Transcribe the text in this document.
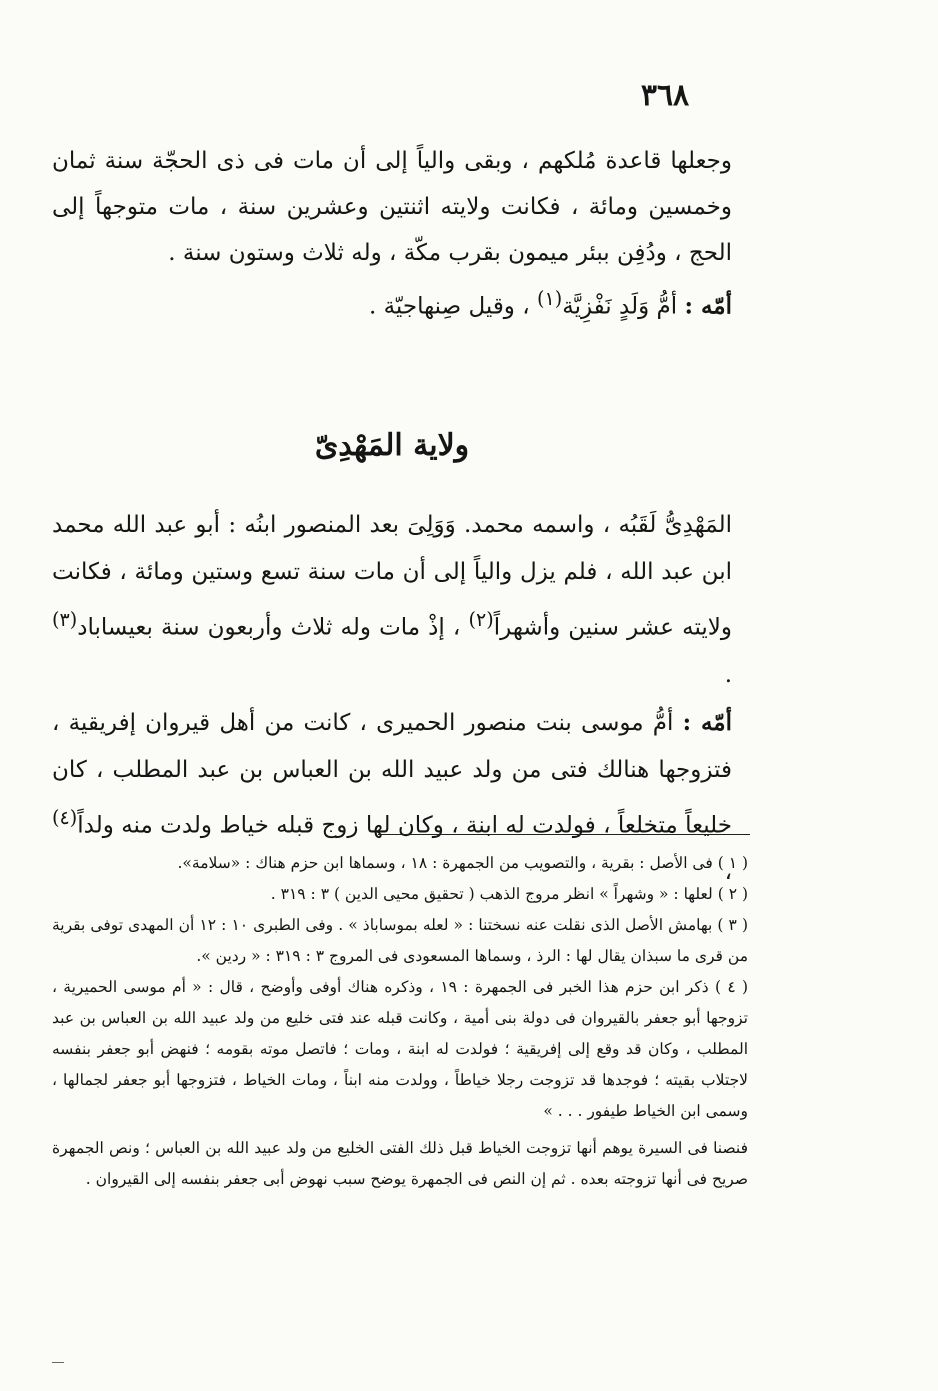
٣٦٨

وجعلها قاعدة مُلكهم ، وبقى والياً إلى أن مات فى ذى الحجّة سنة ثمان وخمسين ومائة ، فكانت ولايته اثنتين وعشرين سنة ، مات متوجهاً إلى الحج ، ودُفِن ببئر ميمون بقرب مكّة ، وله ثلاث وستون سنة .

أمّه : أمُّ وَلَدٍ نَفْزِيَّة$^{(١)}$ ، وقيل صِنهاجيّة .

ولاية المَهْدِىّ

المَهْدِىُّ لَقَبُه ، واسمه محمد. وَوَلِىَ بعد المنصور ابنُه : أبو عبد الله محمد ابن عبد الله ، فلم يزل والياً إلى أن مات سنة تسع وستين ومائة ، فكانت ولايته عشر سنين وأشهراً$^{(٢)}$ ، إذْ مات وله ثلاث وأربعون سنة بعيساباد$^{(٣)}$ .

أمّه : أمُّ موسى بنت منصور الحميرى ، كانت من أهل قيروان إفريقية ، فتزوجها هنالك فتى من ولد عبيد الله بن العباس بن عبد المطلب ، كان خليعاً متخلعاً ، فولدت له ابنة ، وكان لها زوج قبله خياط ولدت منه ولداً$^{(٤)}$ ،

( ١ ) فى الأصل : بقرية ، والتصويب من الجمهرة : ١٨ ، وسماها ابن حزم هناك : «سلامة».

( ٢ ) لعلها : « وشهراً » انظر مروج الذهب ( تحقيق محيى الدين ) ٣ : ٣١٩ .

( ٣ ) بهامش الأصل الذى نقلت عنه نسختنا : « لعله بموساباذ » . وفى الطبرى ١٠ : ١٢ أن المهدى توفى بقرية من قرى ما سبذان يقال لها : الرذ ، وسماها المسعودى فى المروج ٣ : ٣١٩ : « ردين ».

( ٤ ) ذكر ابن حزم هذا الخبر فى الجمهرة : ١٩ ، وذكره هناك أوفى وأوضح ، قال : « أم موسى الحميرية ، تزوجها أبو جعفر بالقيروان فى دولة بنى أمية ، وكانت قبله عند فتى خليع من ولد عبيد الله بن العباس بن عبد المطلب ، وكان قد وقع إلى إفريقية ؛ فولدت له ابنة ، ومات ؛ فاتصل موته بقومه ؛ فنهض أبو جعفر بنفسه لاجتلاب بقيته ؛ فوجدها قد تزوجت رجلا خياطاً ، وولدت منه ابناً ، ومات الخياط ، فتزوجها أبو جعفر لجمالها ، وسمى ابن الخياط طيفور . . . »

فنصنا فى السيرة يوهم أنها تزوجت الخياط قبل ذلك الفتى الخليع من ولد عبيد الله بن العباس ؛ ونص الجمهرة صريح فى أنها تزوجته بعده . ثم إن النص فى الجمهرة يوضح سبب نهوض أبى جعفر بنفسه إلى القيروان .
